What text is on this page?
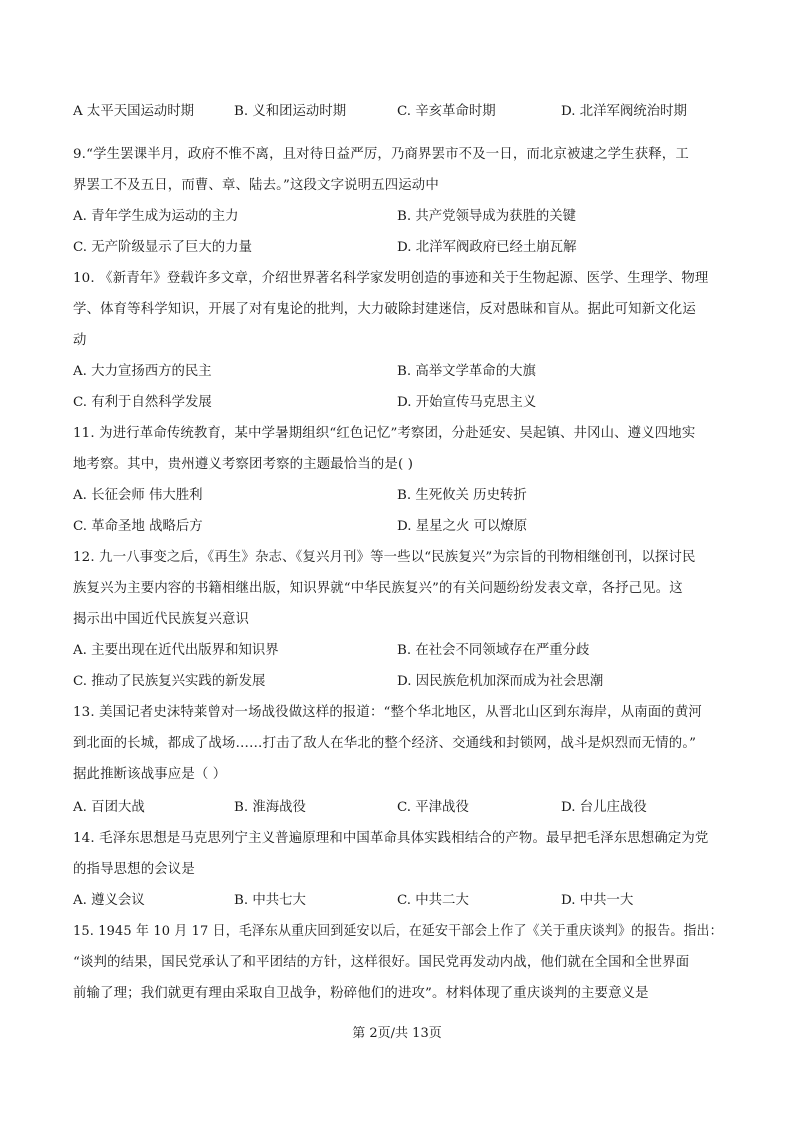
A 太平天国运动时期	B. 义和团运动时期	C. 辛亥革命时期	D. 北洋军阀统治时期
9.“学生罢课半月，政府不惟不离，且对待日益严厉，乃商界罢市不及一日，而北京被逮之学生获释，工
界罢工不及五日，而曹、章、陆去。”这段文字说明五四运动中
A. 青年学生成为运动的主力	B. 共产党领导成为获胜的关键
C. 无产阶级显示了巨大的力量	D. 北洋军阀政府已经土崩瓦解
10. 《新青年》登载许多文章，介绍世界著名科学家发明创造的事迹和关于生物起源、医学、生理学、物理
学、体育等科学知识，开展了对有鬼论的批判，大力破除封建迷信，反对愚昧和盲从。据此可知新文化运
动
A. 大力宣扬西方的民主	B. 高举文学革命的大旗
C. 有利于自然科学发展	D. 开始宣传马克思主义
11. 为进行革命传统教育，某中学暑期组织“红色记忆”考察团，分赴延安、吴起镇、井冈山、遵义四地实
地考察。其中，贵州遵义考察团考察的主题最恰当的是( )
A. 长征会师 伟大胜利	B. 生死攸关 历史转折
C. 革命圣地 战略后方	D. 星星之火 可以燎原
12. 九一八事变之后，《再生》杂志、《复兴月刊》等一些以“民族复兴”为宗旨的刊物相继创刊，以探讨民
族复兴为主要内容的书籍相继出版，知识界就“中华民族复兴”的有关问题纷纷发表文章，各抒己见。这
揭示出中国近代民族复兴意识
A. 主要出现在近代出版界和知识界	B. 在社会不同领域存在严重分歧
C. 推动了民族复兴实践的新发展	D. 因民族危机加深而成为社会思潮
13. 美国记者史沫特莱曾对一场战役做这样的报道：“整个华北地区，从晋北山区到东海岸，从南面的黄河
到北面的长城，都成了战场……打击了敌人在华北的整个经济、交通线和封锁网，战斗是炽烈而无情的。”
据此推断该战事应是（ ）
A. 百团大战	B. 淮海战役	C. 平津战役	D. 台儿庄战役
14. 毛泽东思想是马克思列宁主义普遍原理和中国革命具体实践相结合的产物。最早把毛泽东思想确定为党
的指导思想的会议是
A. 遵义会议	B. 中共七大	C. 中共二大	D. 中共一大
15. 1945 年 10 月 17 日，毛泽东从重庆回到延安以后，在延安干部会上作了《关于重庆谈判》的报告。指出：
“谈判的结果，国民党承认了和平团结的方针，这样很好。国民党再发动内战，他们就在全国和全世界面
前输了理；我们就更有理由采取自卫战争，粉碎他们的进攻”。材料体现了重庆谈判的主要意义是
第 2页/共 13页
